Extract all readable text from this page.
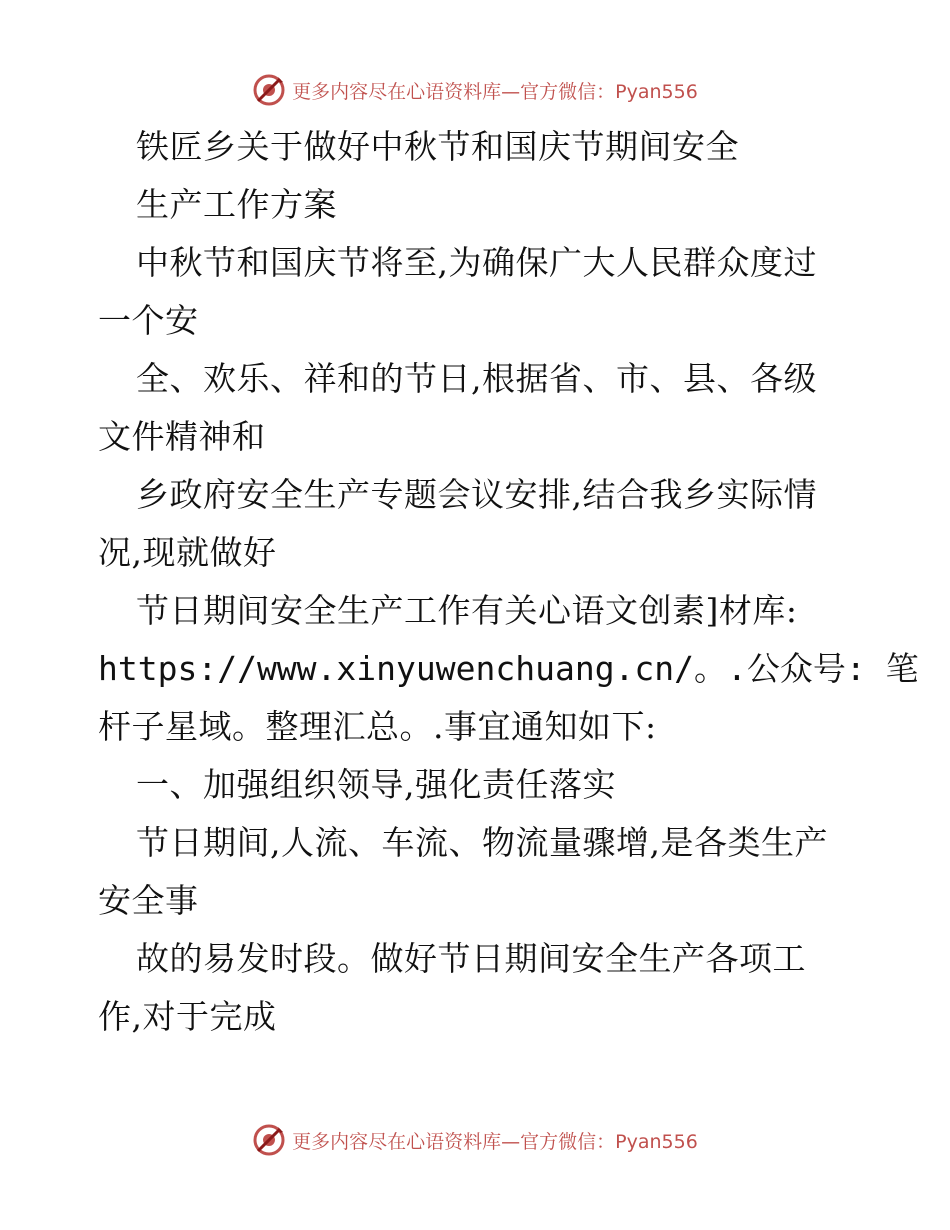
更多内容尽在心语资料库—官方微信：Pyan556
铁匠乡关于做好中秋节和国庆节期间安全
生产工作方案
中秋节和国庆节将至,为确保广大人民群众度过
一个安
全、欢乐、祥和的节日,根据省、市、县、各级
文件精神和
乡政府安全生产专题会议安排,结合我乡实际情
况,现就做好
节日期间安全生产工作有关心语文创素]材库:
https://www.xinyuwenchuang.cn/。.公众号: 笔
杆子星域。整理汇总。.事宜通知如下:
一、加强组织领导,强化责任落实
节日期间,人流、车流、物流量骤增,是各类生产
安全事
故的易发时段。做好节日期间安全生产各项工
作,对于完成
更多内容尽在心语资料库—官方微信：Pyan556
